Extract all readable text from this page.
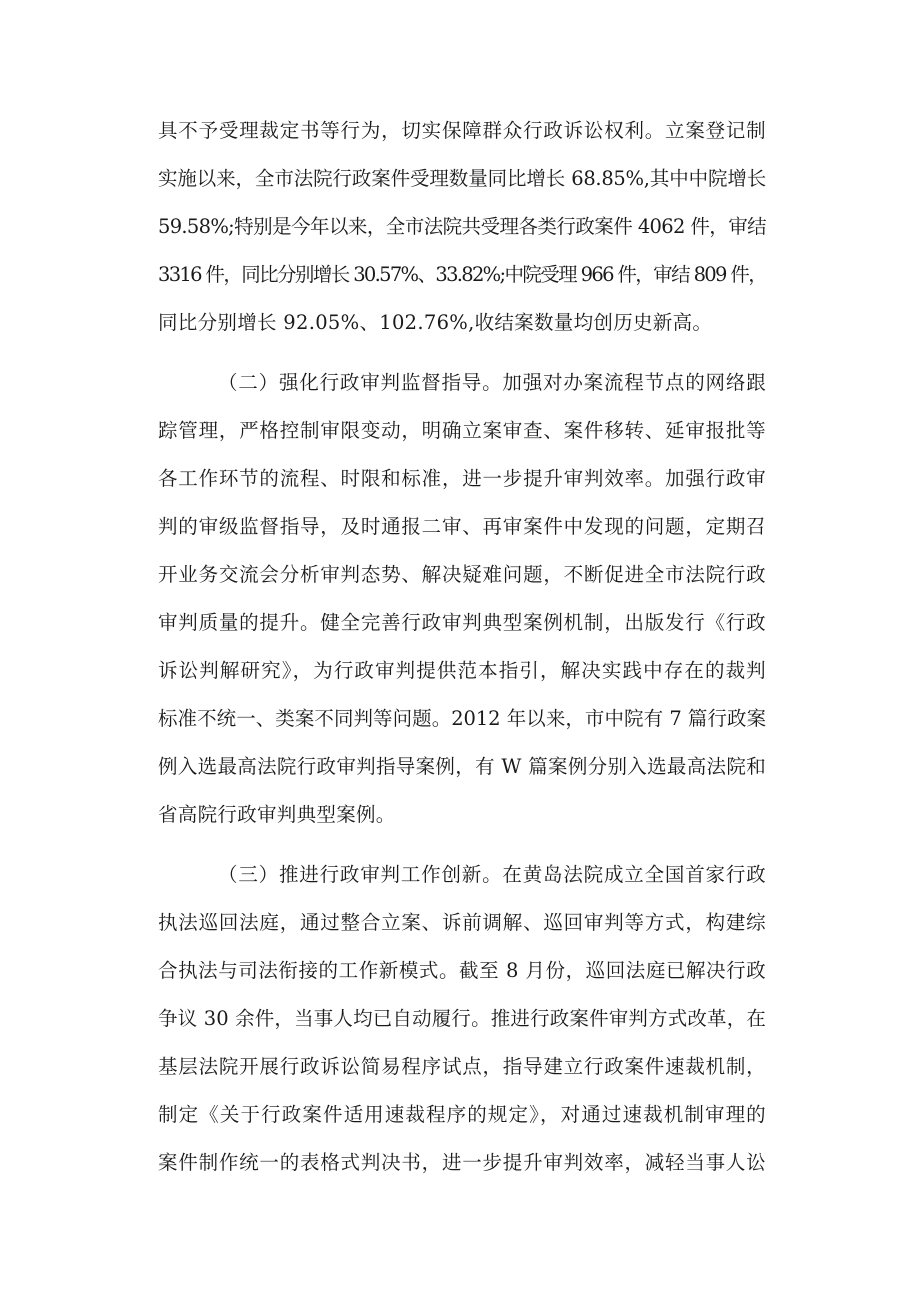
具不予受理裁定书等行为，切实保障群众行政诉讼权利。立案登记制
实施以来，全市法院行政案件受理数量同比增长 68.85%,其中中院增长
59.58%;特别是今年以来，全市法院共受理各类行政案件 4062 件，审结
3316 件，同比分别增长 30.57%、33.82%;中院受理 966 件，审结 809 件，
同比分别增长 92.05%、102.76%,收结案数量均创历史新高。
（二）强化行政审判监督指导。加强对办案流程节点的网络跟
踪管理，严格控制审限变动，明确立案审查、案件移转、延审报批等
各工作环节的流程、时限和标准，进一步提升审判效率。加强行政审
判的审级监督指导，及时通报二审、再审案件中发现的问题，定期召
开业务交流会分析审判态势、解决疑难问题，不断促进全市法院行政
审判质量的提升。健全完善行政审判典型案例机制，出版发行《行政
诉讼判解研究》，为行政审判提供范本指引，解决实践中存在的裁判
标准不统一、类案不同判等问题。2012 年以来，市中院有 7 篇行政案
例入选最高法院行政审判指导案例，有 W 篇案例分别入选最高法院和
省高院行政审判典型案例。
（三）推进行政审判工作创新。在黄岛法院成立全国首家行政
执法巡回法庭，通过整合立案、诉前调解、巡回审判等方式，构建综
合执法与司法衔接的工作新模式。截至 8 月份，巡回法庭已解决行政
争议 30 余件，当事人均已自动履行。推进行政案件审判方式改革，在
基层法院开展行政诉讼简易程序试点，指导建立行政案件速裁机制，
制定《关于行政案件适用速裁程序的规定》，对通过速裁机制审理的
案件制作统一的表格式判决书，进一步提升审判效率，减轻当事人讼
